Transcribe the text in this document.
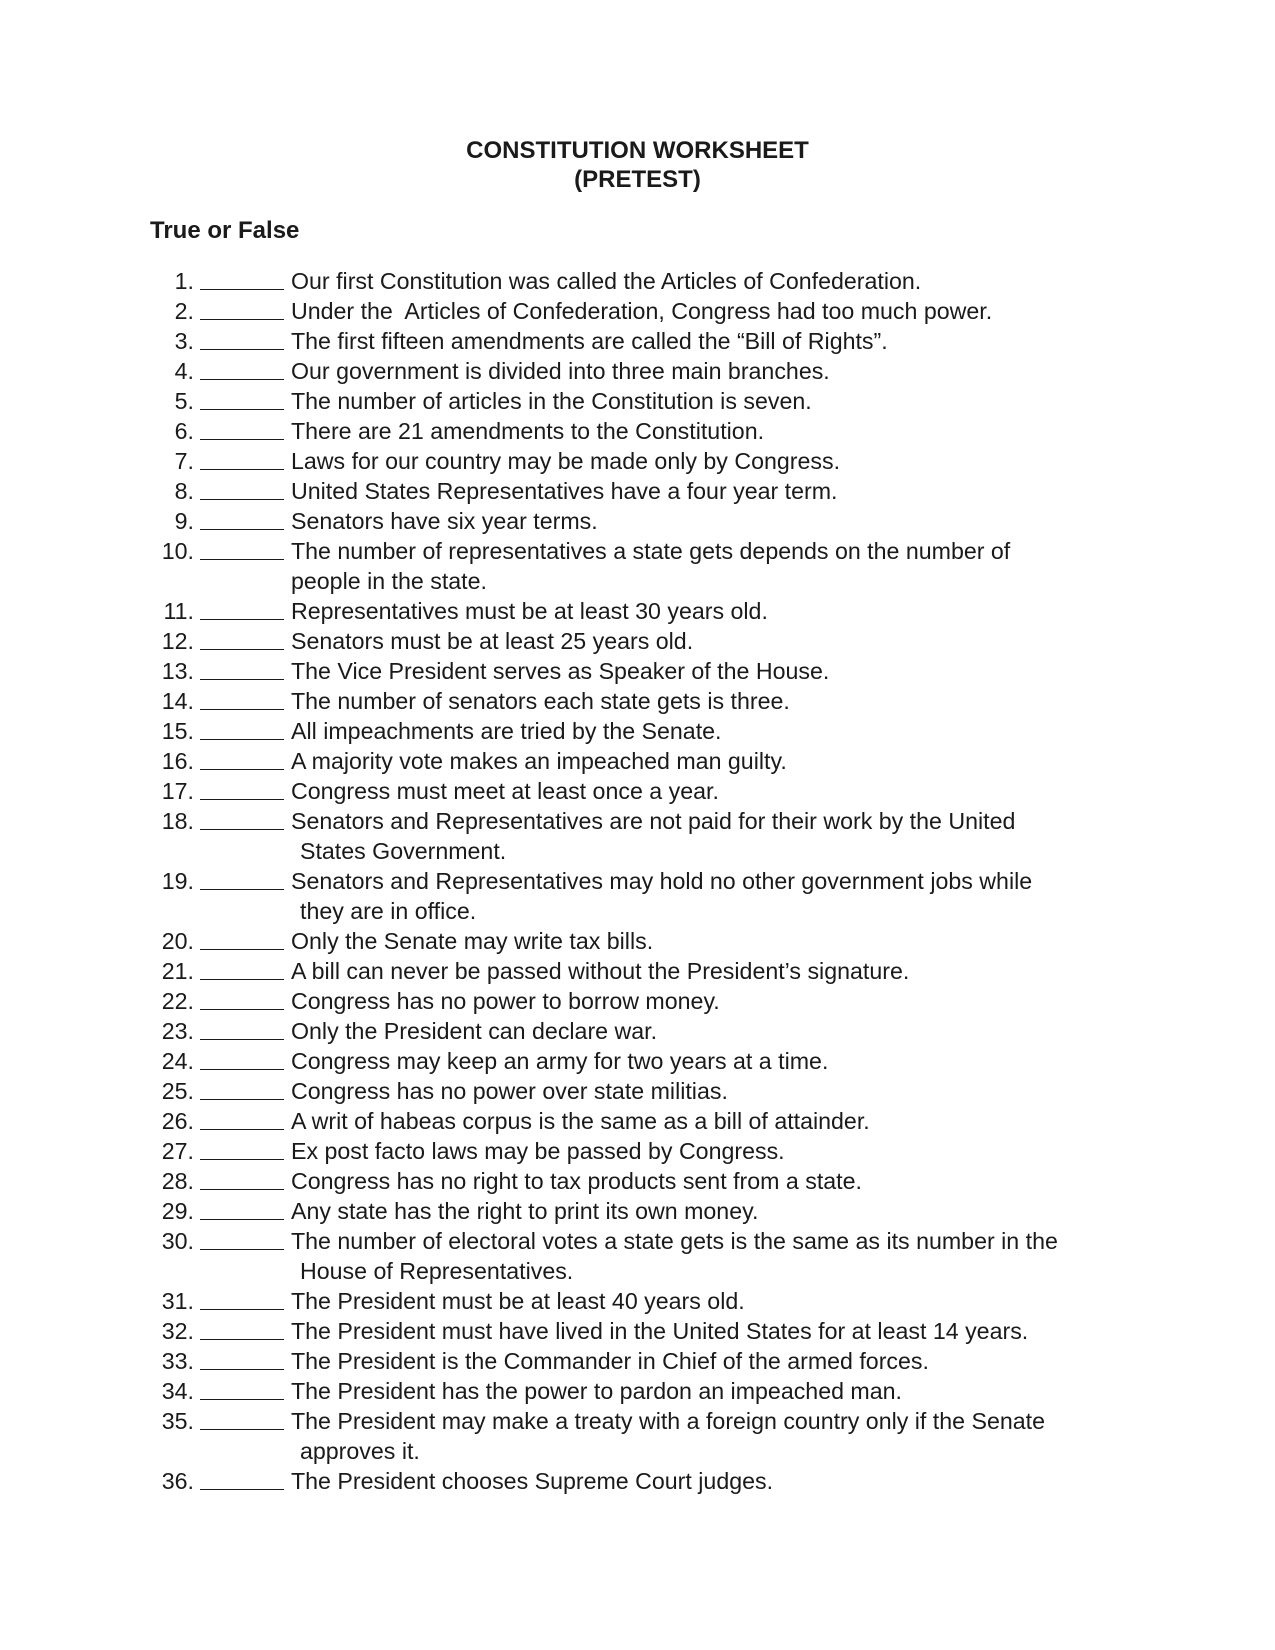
CONSTITUTION WORKSHEET
(PRETEST)
True or False
1.	Our first Constitution was called the Articles of Confederation.
2.	Under the  Articles of Confederation, Congress had too much power.
3.	The first fifteen amendments are called the “Bill of Rights”.
4.	Our government is divided into three main branches.
5.	The number of articles in the Constitution is seven.
6.	There are 21 amendments to the Constitution.
7.	Laws for our country may be made only by Congress.
8.	United States Representatives have a four year term.
9.	Senators have six year terms.
10.	The number of representatives a state gets depends on the number of
people in the state.
11.	Representatives must be at least 30 years old.
12.	Senators must be at least 25 years old.
13.	The Vice President serves as Speaker of the House.
14.	The number of senators each state gets is three.
15.	All impeachments are tried by the Senate.
16.	A majority vote makes an impeached man guilty.
17.	Congress must meet at least once a year.
18.	Senators and Representatives are not paid for their work by the United
States Government.
19.	Senators and Representatives may hold no other government jobs while
they are in office.
20.	Only the Senate may write tax bills.
21.	A bill can never be passed without the President’s signature.
22.	Congress has no power to borrow money.
23.	Only the President can declare war.
24.	Congress may keep an army for two years at a time.
25.	Congress has no power over state militias.
26.	A writ of habeas corpus is the same as a bill of attainder.
27.	Ex post facto laws may be passed by Congress.
28.	Congress has no right to tax products sent from a state.
29.	Any state has the right to print its own money.
30.	The number of electoral votes a state gets is the same as its number in the
House of Representatives.
31.	The President must be at least 40 years old.
32.	The President must have lived in the United States for at least 14 years.
33.	The President is the Commander in Chief of the armed forces.
34.	The President has the power to pardon an impeached man.
35.	The President may make a treaty with a foreign country only if the Senate
approves it.
36.	The President chooses Supreme Court judges.
